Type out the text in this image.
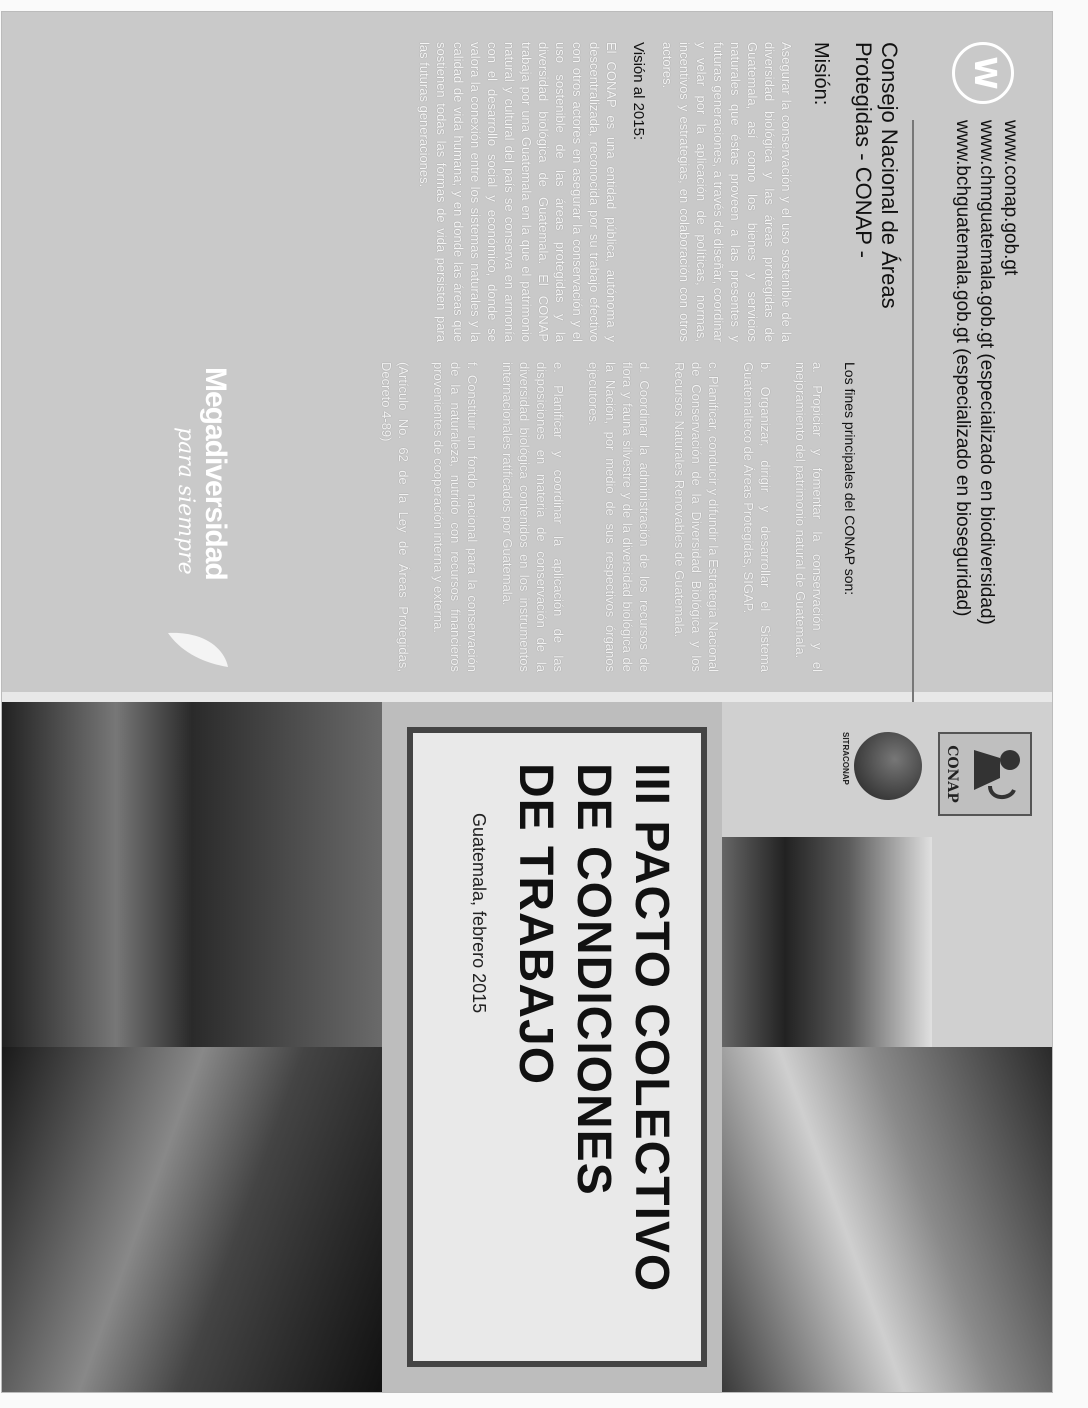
W
www.conap.gob.gt
www.chmguatemala.gob.gt (especializado en biodiversidad)
www.bchguatemala.gob.gt (especializado en bioseguridad)
Consejo Nacional de Áreas Protegidas - CONAP -
Misión:

Asegurar la conservación y el uso sostenible de la diversidad biológica y las áreas protegidas de Guatemala, así como los bienes y servicios naturales que éstas proveen a las presentes y futuras generaciones, a través de diseñar, coordinar y velar por la aplicación de políticas, normas, incentivos y estrategias, en colaboración con otros actores.

Visión al 2015:

El CONAP es una entidad pública, autónoma y descentralizada, reconocida por su trabajo efectivo con otros actores en asegurar la conservación y el uso sostenible de las áreas protegidas y la diversidad biológica de Guatemala. El CONAP trabaja por una Guatemala en la que el patrimonio natural y cultural del país se conserva en armonía con el desarrollo social y económico, donde se valora la conexión entre los sistemas naturales y la calidad de vida humana; y en donde las áreas que sostienen todas las formas de vida persisten para las futuras generaciones.

Los fines principales del CONAP son:

a. Propiciar y fomentar la conservación y el mejoramiento del patrimonio natural de Guatemala.

b. Organizar, dirigir y desarrollar el Sistema Guatemalteco de Áreas Protegidas, SIGAP.

c. Planificar, conducir y difundir la Estrategia Nacional de Conservación de la Diversidad Biológica y los Recursos Naturales Renovables de Guatemala.

d. Coordinar la administración de los recursos de flora y fauna silvestre y de la diversidad biológica de la Nación, por medio de sus respectivos órganos ejecutores.

e. Planificar y coordinar la aplicación de las disposiciones en materia de conservación de la diversidad biológica contenidos en los instrumentos internacionales ratificados por Guatemala.

f. Constituir un fondo nacional para la conservación de la naturaleza, nutrido con recursos financieros provenientes de cooperación interna y externa.

(Artículo No. 62 de la Ley de Áreas Protegidas, Decreto 4-89)

Megadiversidad
para siempre
CONAP
SITRACONAP
III PACTO COLECTIVO
DE CONDICIONES
DE TRABAJO
Guatemala, febrero 2015
